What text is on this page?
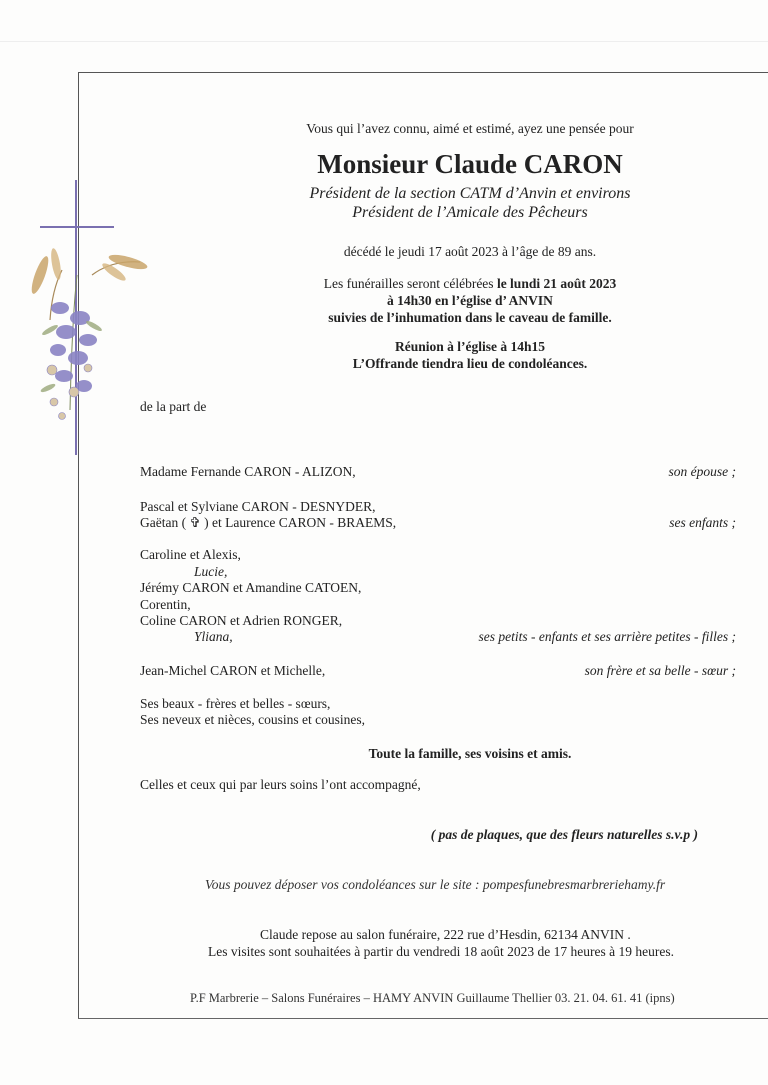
Vous qui l’avez connu, aimé et estimé, ayez une pensée pour
Monsieur Claude CARON
Président de la section CATM d’Anvin et environs
Président de l’Amicale des Pêcheurs
décédé le jeudi 17 août 2023 à l’âge de 89 ans.
Les funérailles seront célébrées le lundi 21 août 2023
à 14h30 en l’église d’ ANVIN
suivies de l’inhumation dans le caveau de famille.
Réunion à l’église à 14h15
L’Offrande tiendra lieu de condoléances.
de la part de
Madame Fernande CARON - ALIZON,	son épouse ;
Pascal et Sylviane CARON - DESNYDER,
Gaëtan ( ✞ ) et Laurence CARON - BRAEMS,	ses enfants ;
Caroline et Alexis,
Lucie,
Jérémy CARON et Amandine CATOEN,
Corentin,
Coline CARON et Adrien RONGER,
Yliana,	ses petits - enfants et ses arrière petites - filles ;
Jean-Michel CARON et Michelle,	son frère et sa belle - sœur ;
Ses beaux - frères et belles - sœurs,
Ses neveux et nièces, cousins et cousines,
Toute la famille, ses voisins et amis.
Celles et ceux qui par leurs soins l’ont accompagné,
( pas de plaques, que des fleurs naturelles s.v.p )
Vous pouvez déposer vos condoléances sur le site : pompesfunebresmarbreriehamy.fr
Claude repose au salon funéraire, 222 rue d’Hesdin, 62134 ANVIN .
Les visites sont souhaitées à partir du vendredi 18 août 2023 de 17 heures à 19 heures.
P.F Marbrerie – Salons Funéraires – HAMY ANVIN Guillaume Thellier 03. 21. 04. 61. 41 (ipns)
